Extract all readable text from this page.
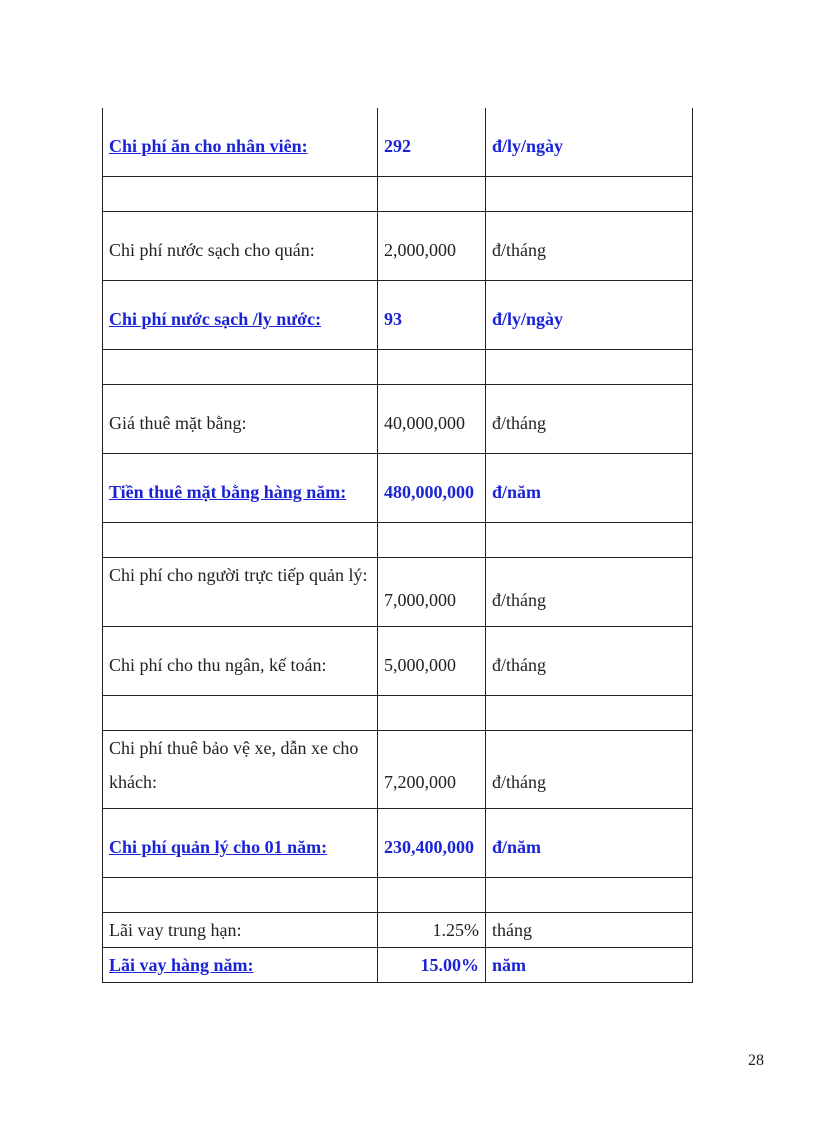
Chi phí ăn cho nhân viên:	292	đ/ly/ngày

Chi phí nước sạch cho quán:	2,000,000	đ/tháng

Chi phí nước sạch /ly nước:	93	đ/ly/ngày

Giá thuê mặt bằng:	40,000,000	đ/tháng

Tiền thuê mặt bằng hàng năm:	480,000,000	đ/năm

Chi phí cho người trực tiếp quản lý:	7,000,000	đ/tháng

Chi phí cho thu ngân, kế toán:	5,000,000	đ/tháng

Chi phí thuê bảo vệ xe, dẫn xe cho khách:	7,200,000	đ/tháng

Chi phí quản lý cho 01 năm:	230,400,000	đ/năm

Lãi vay trung hạn:	1.25%	tháng

Lãi vay hàng năm:	15.00%	năm
28
